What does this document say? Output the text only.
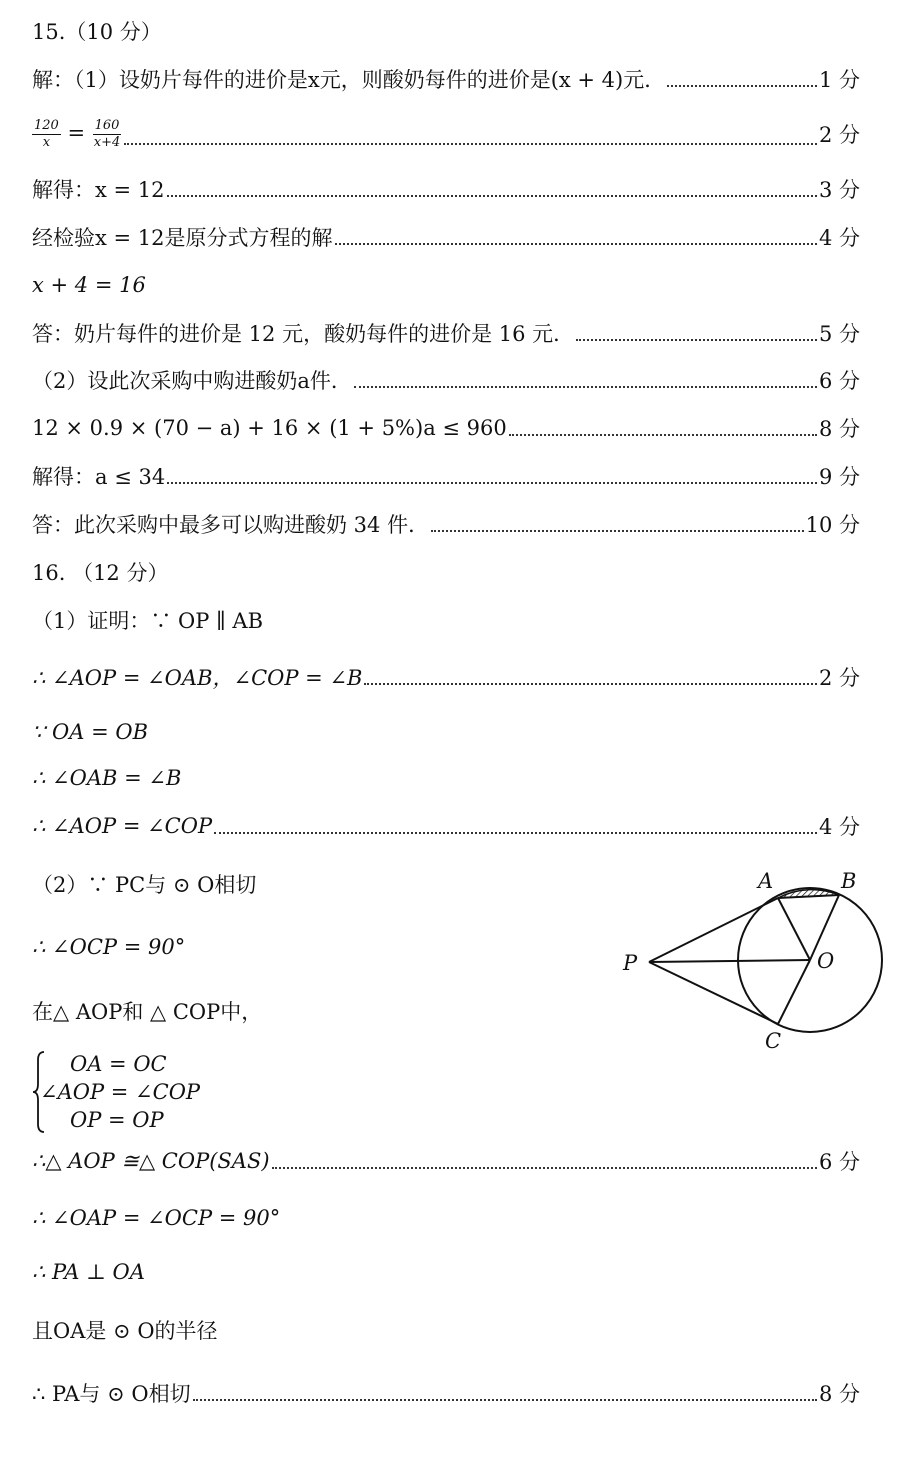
15.（10 分）
解：（1）设奶片每件的进价是x元，则酸奶每件的进价是(x + 4)元．	1 分
$\frac{120}{x} = \frac{160}{x+4}$	2 分
解得：x = 12	3 分
经检验x = 12是原分式方程的解	4 分
x + 4 = 16
答：奶片每件的进价是 12 元，酸奶每件的进价是 16 元．	5 分
（2）设此次采购中购进酸奶a件．	6 分
12 × 0.9 × (70 − a) + 16 × (1 + 5%)a ≤ 960	8 分
解得：a ≤ 34	9 分
答：此次采购中最多可以购进酸奶 34 件．	10 分
16. （12 分）
（1）证明：∵ OP ∥ AB
∴ ∠AOP = ∠OAB，∠COP = ∠B	2 分
∵ OA = OB
∴ ∠OAB = ∠B
∴ ∠AOP = ∠COP	4 分
（2）∵ PC与 ⊙ O相切
∴ ∠OCP = 90°
在△ AOP和 △ COP中，
OA = OC
∠AOP = ∠COP
OP = OP
∴△ AOP ≅△ COP(SAS)	6 分
∴ ∠OAP = ∠OCP = 90°
∴ PA ⊥ OA
且OA是 ⊙ O的半径
∴ PA与 ⊙ O相切	8 分
A	B
P	O
C
